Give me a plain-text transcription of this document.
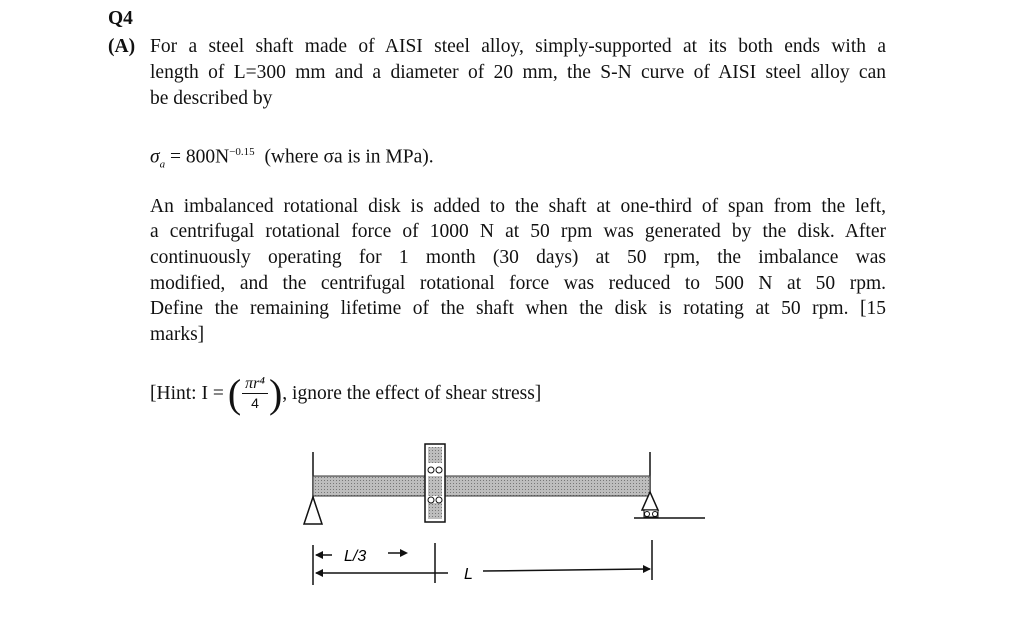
Q4
(A) For a steel shaft made of AISI steel alloy, simply-supported at its both ends with a
length of L=300 mm and a diameter of 20 mm, the S-N curve of AISI steel alloy can
be described by
$\sigma_a = 800N^{-0.15}$ (where σa is in MPa).
An imbalanced rotational disk is added to the shaft at one-third of span from the left,
a centrifugal rotational force of 1000 N at 50 rpm was generated by the disk. After
continuously operating for 1 month (30 days) at 50 rpm, the imbalance was
modified, and the centrifugal rotational force was reduced to 500 N at 50 rpm.
Define the remaining lifetime of the shaft when the disk is rotating at 50 rpm. [15
marks]
[Hint: I = ( $\frac{\text{πr⁴}}{4}$ ) , ignore the effect of shear stress]
L/3
L
